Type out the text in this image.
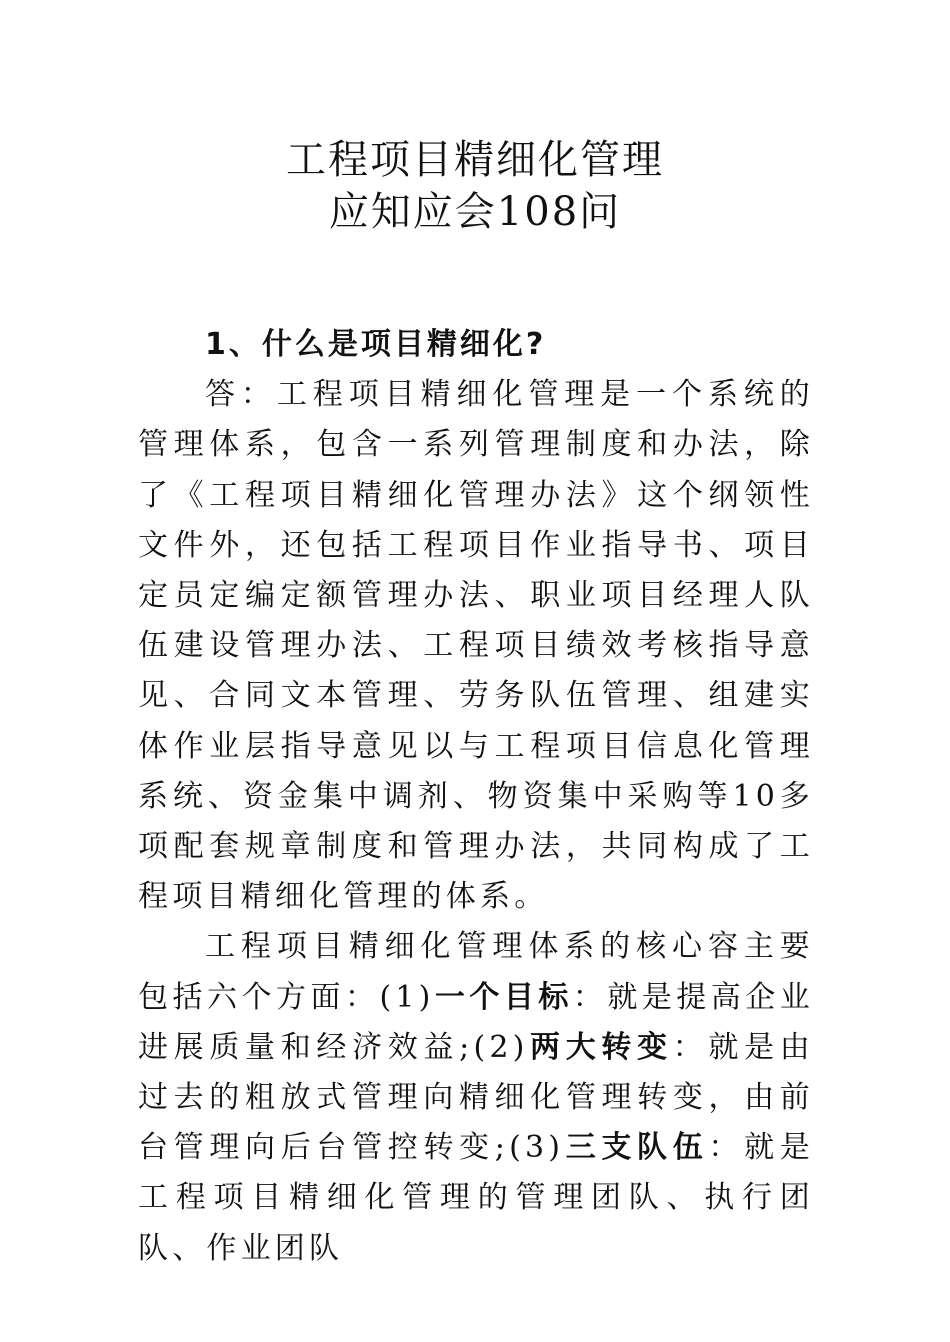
工程项目精细化管理
应知应会108问

1、什么是项目精细化?

答：工程项目精细化管理是一个系统的管理体系，包含一系列管理制度和办法，除了《工程项目精细化管理办法》这个纲领性文件外，还包括工程项目作业指导书、项目定员定编定额管理办法、职业项目经理人队伍建设管理办法、工程项目绩效考核指导意见、合同文本管理、劳务队伍管理、组建实体作业层指导意见以与工程项目信息化管理系统、资金集中调剂、物资集中采购等10多项配套规章制度和管理办法，共同构成了工程项目精细化管理的体系。

工程项目精细化管理体系的核心容主要包括六个方面：(1)一个目标：就是提高企业进展质量和经济效益;(2)两大转变：就是由过去的粗放式管理向精细化管理转变，由前台管理向后台管控转变;(3)三支队伍：就是工程项目精细化管理的管理团队、执行团队、作业团队
